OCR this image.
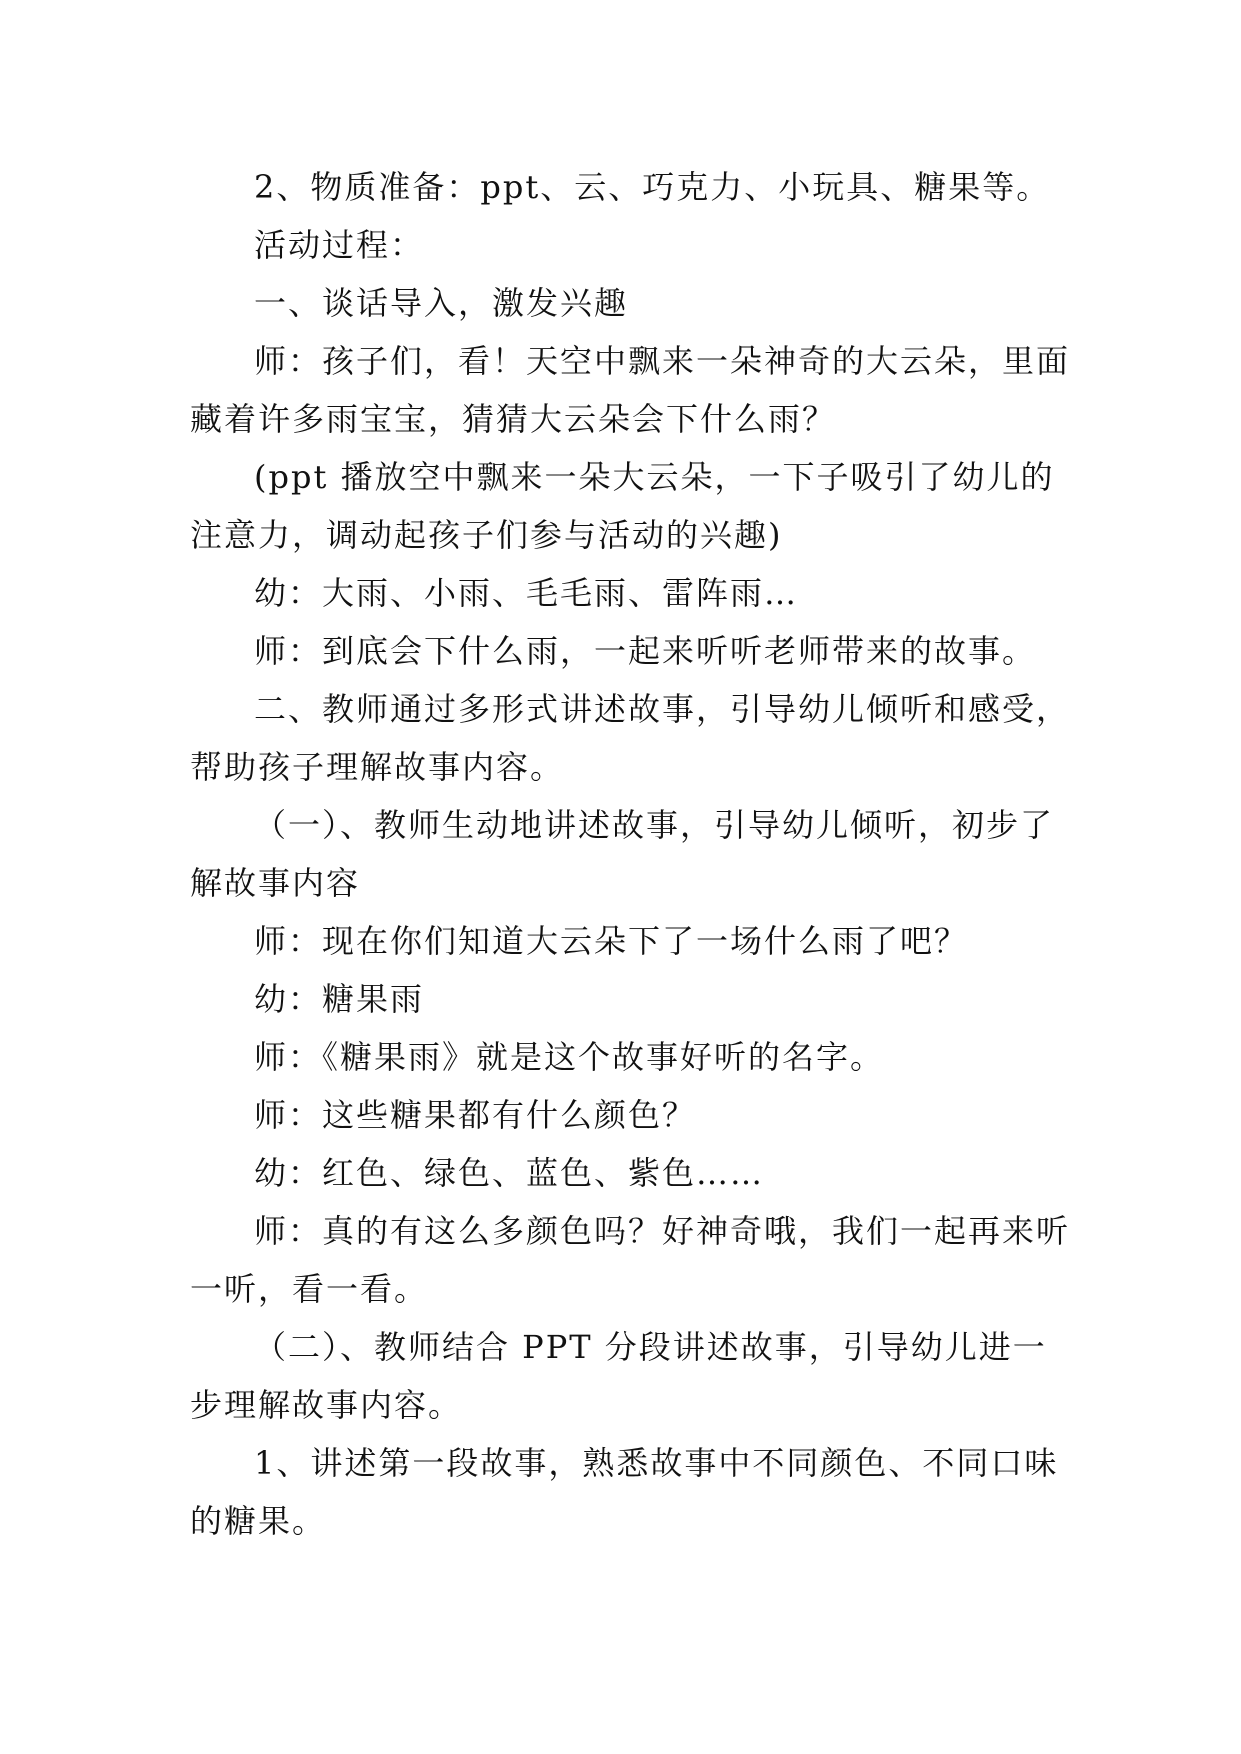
2、物质准备：ppt、云、巧克力、小玩具、糖果等。

活动过程：

一、谈话导入，激发兴趣

师：孩子们，看！天空中飘来一朵神奇的大云朵，里面藏着许多雨宝宝，猜猜大云朵会下什么雨？

(ppt 播放空中飘来一朵大云朵，一下子吸引了幼儿的注意力，调动起孩子们参与活动的兴趣)

幼：大雨、小雨、毛毛雨、雷阵雨…

师：到底会下什么雨，一起来听听老师带来的故事。

二、教师通过多形式讲述故事，引导幼儿倾听和感受，帮助孩子理解故事内容。

（一）、教师生动地讲述故事，引导幼儿倾听，初步了解故事内容

师：现在你们知道大云朵下了一场什么雨了吧？

幼：糖果雨

师：《糖果雨》就是这个故事好听的名字。

师：这些糖果都有什么颜色？

幼：红色、绿色、蓝色、紫色……

师：真的有这么多颜色吗？好神奇哦，我们一起再来听一听，看一看。

（二）、教师结合 PPT 分段讲述故事，引导幼儿进一步理解故事内容。

1、讲述第一段故事，熟悉故事中不同颜色、不同口味的糖果。
